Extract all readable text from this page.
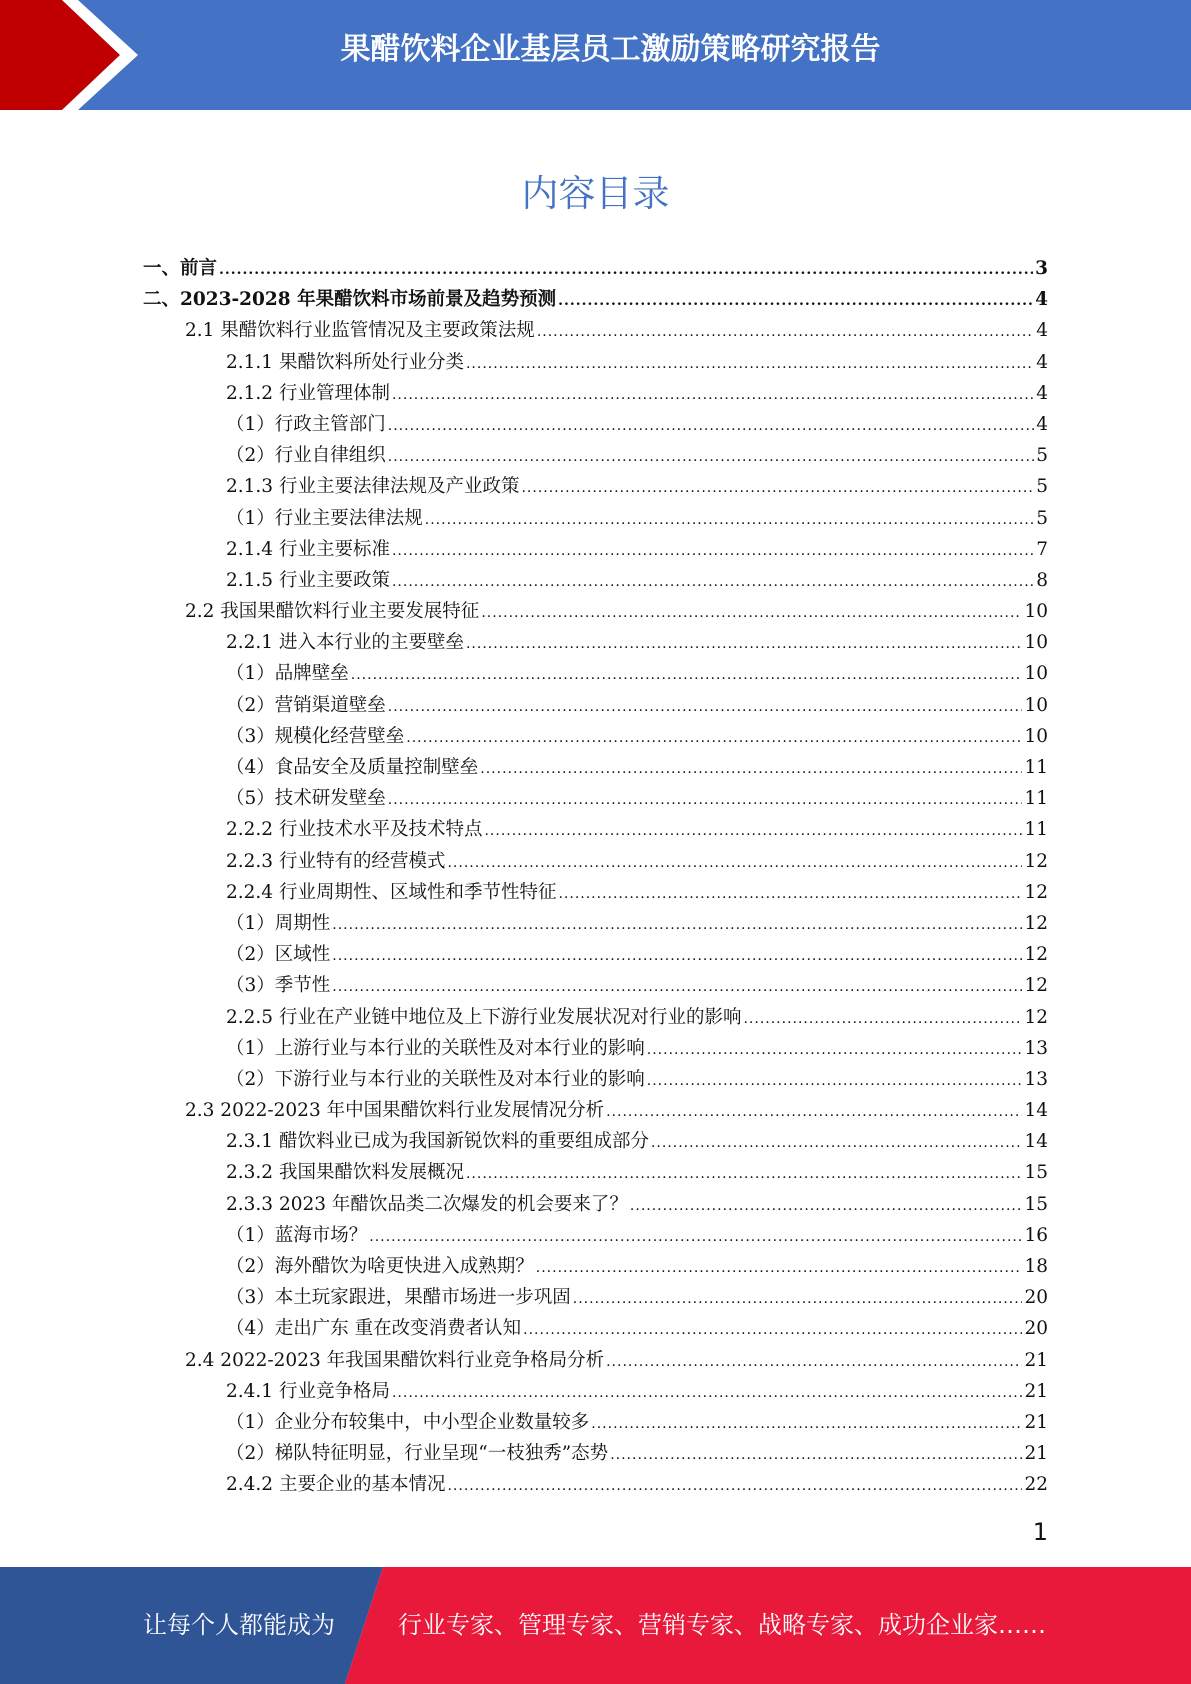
果醋饮料企业基层员工激励策略研究报告
内容目录
一、前言 .....	3
二、2023-2028 年果醋饮料市场前景及趋势预测 .....	4
2.1 果醋饮料行业监管情况及主要政策法规 .....	4
2.1.1 果醋饮料所处行业分类 .....	4
2.1.2 行业管理体制 .....	4
（1）行政主管部门 .....	4
（2）行业自律组织 .....	5
2.1.3 行业主要法律法规及产业政策 .....	5
（1）行业主要法律法规 .....	5
2.1.4 行业主要标准 .....	7
2.1.5 行业主要政策 .....	8
2.2 我国果醋饮料行业主要发展特征 .....	10
2.2.1 进入本行业的主要壁垒 .....	10
（1）品牌壁垒 .....	10
（2）营销渠道壁垒 .....	10
（3）规模化经营壁垒 .....	10
（4）食品安全及质量控制壁垒 .....	11
（5）技术研发壁垒 .....	11
2.2.2 行业技术水平及技术特点 .....	11
2.2.3 行业特有的经营模式 .....	12
2.2.4 行业周期性、区域性和季节性特征 .....	12
（1）周期性 .....	12
（2）区域性 .....	12
（3）季节性 .....	12
2.2.5 行业在产业链中地位及上下游行业发展状况对行业的影响 .....	12
（1）上游行业与本行业的关联性及对本行业的影响 .....	13
（2）下游行业与本行业的关联性及对本行业的影响 .....	13
2.3 2022-2023 年中国果醋饮料行业发展情况分析 .....	14
2.3.1 醋饮料业已成为我国新锐饮料的重要组成部分 .....	14
2.3.2 我国果醋饮料发展概况 .....	15
2.3.3 2023 年醋饮品类二次爆发的机会要来了？ .....	15
（1）蓝海市场？ .....	16
（2）海外醋饮为啥更快进入成熟期？ .....	18
（3）本土玩家跟进，果醋市场进一步巩固 .....	20
（4）走出广东 重在改变消费者认知 .....	20
2.4 2022-2023 年我国果醋饮料行业竞争格局分析 .....	21
2.4.1 行业竞争格局 .....	21
（1）企业分布较集中，中小型企业数量较多 .....	21
（2）梯队特征明显，行业呈现“一枝独秀”态势 .....	21
2.4.2 主要企业的基本情况 .....	22
1
让每个人都能成为	行业专家、管理专家、营销专家、战略专家、成功企业家……
